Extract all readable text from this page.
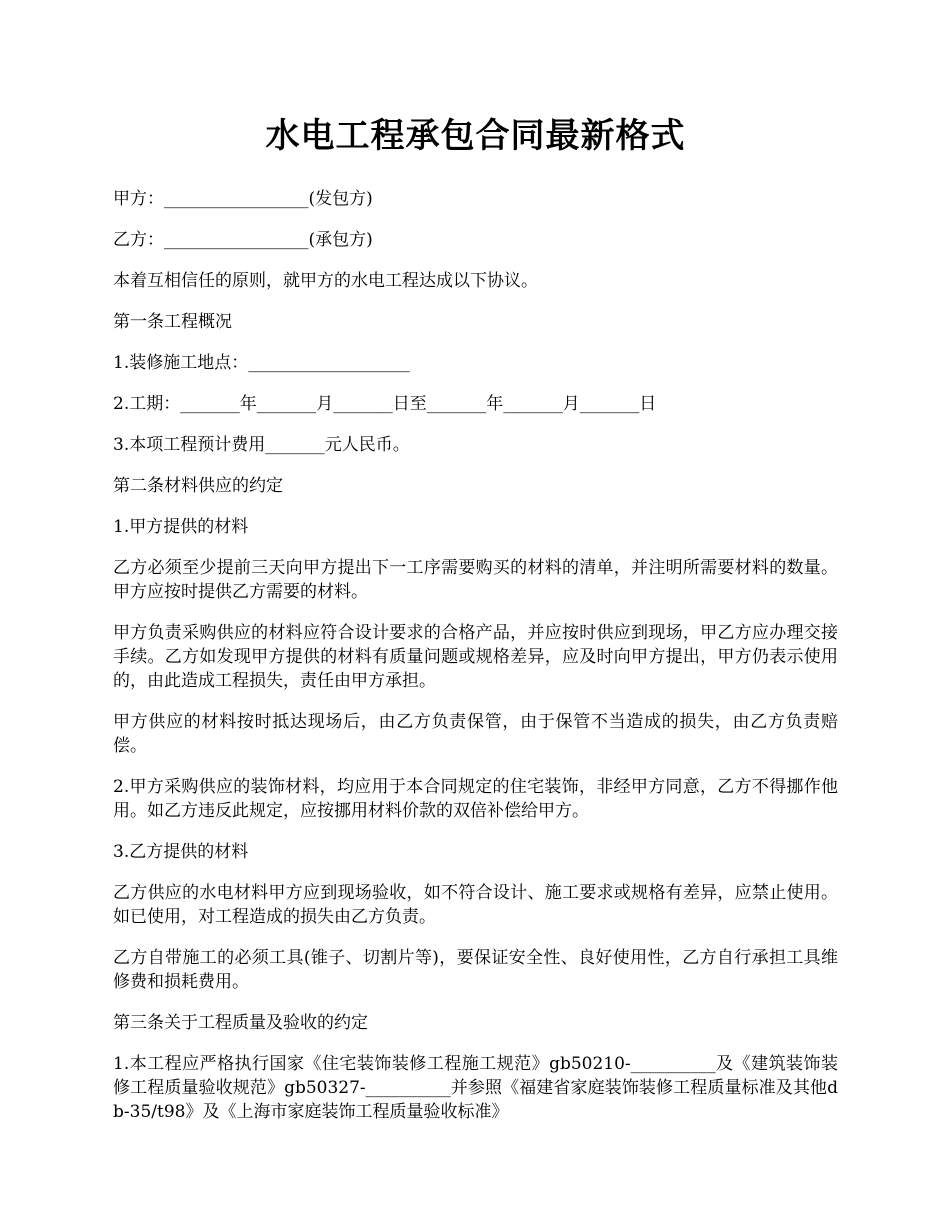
水电工程承包合同最新格式

甲方：_________________(发包方)

乙方：_________________(承包方)

本着互相信任的原则，就甲方的水电工程达成以下协议。

第一条工程概况

1.装修施工地点：___________________

2.工期：_______年_______月_______日至_______年_______月_______日

3.本项工程预计费用_______元人民币。

第二条材料供应的约定

1.甲方提供的材料

乙方必须至少提前三天向甲方提出下一工序需要购买的材料的清单，并注明所需要材料的数量。甲方应按时提供乙方需要的材料。

甲方负责采购供应的材料应符合设计要求的合格产品，并应按时供应到现场，甲乙方应办理交接手续。乙方如发现甲方提供的材料有质量问题或规格差异，应及时向甲方提出，甲方仍表示使用的，由此造成工程损失，责任由甲方承担。

甲方供应的材料按时抵达现场后，由乙方负责保管，由于保管不当造成的损失，由乙方负责赔偿。

2.甲方采购供应的装饰材料，均应用于本合同规定的住宅装饰，非经甲方同意，乙方不得挪作他用。如乙方违反此规定，应按挪用材料价款的双倍补偿给甲方。

3.乙方提供的材料

乙方供应的水电材料甲方应到现场验收，如不符合设计、施工要求或规格有差异，应禁止使用。如已使用，对工程造成的损失由乙方负责。

乙方自带施工的必须工具(锥子、切割片等)，要保证安全性、良好使用性，乙方自行承担工具维修费和损耗费用。

第三条关于工程质量及验收的约定

1.本工程应严格执行国家《住宅装饰装修工程施工规范》gb50210-__________及《建筑装饰装修工程质量验收规范》gb50327-__________并参照《福建省家庭装饰装修工程质量标准及其他db-35/t98》及《上海市家庭装饰工程质量验收标准》
